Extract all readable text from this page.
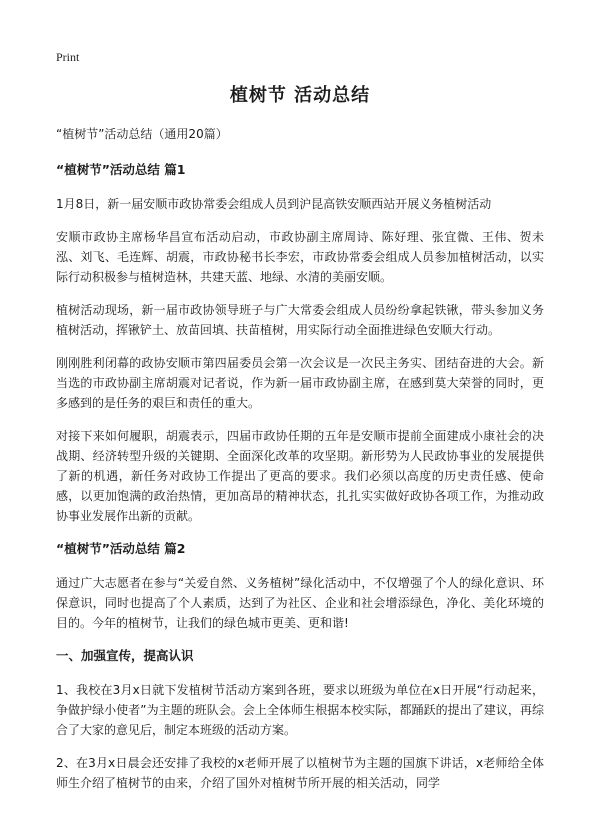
Print
植树节 活动总结

“植树节”活动总结（通用20篇）

“植树节”活动总结 篇1

1月8日，新一届安顺市政协常委会组成人员到沪昆高铁安顺西站开展义务植树活动

安顺市政协主席杨华昌宣布活动启动，市政协副主席周诗、陈好理、张宜微、王伟、贺未泓、刘飞、毛连辉、胡震，市政协秘书长李宏，市政协常委会组成人员参加植树活动，以实际行动积极参与植树造林，共建天蓝、地绿、水清的美丽安顺。

植树活动现场，新一届市政协领导班子与广大常委会组成人员纷纷拿起铁锹，带头参加义务植树活动，挥锹铲土、放苗回填、扶苗植树，用实际行动全面推进绿色安顺大行动。

刚刚胜利闭幕的政协安顺市第四届委员会第一次会议是一次民主务实、团结奋进的大会。新当选的市政协副主席胡震对记者说，作为新一届市政协副主席，在感到莫大荣誉的同时，更多感到的是任务的艰巨和责任的重大。

对接下来如何履职，胡震表示，四届市政协任期的五年是安顺市提前全面建成小康社会的决战期、经济转型升级的关键期、全面深化改革的攻坚期。新形势为人民政协事业的发展提供了新的机遇，新任务对政协工作提出了更高的要求。我们必须以高度的历史责任感、使命感，以更加饱满的政治热情，更加高昂的精神状态，扎扎实实做好政协各项工作，为推动政协事业发展作出新的贡献。

“植树节”活动总结 篇2

通过广大志愿者在参与“关爱自然、义务植树”绿化活动中，不仅增强了个人的绿化意识、环保意识，同时也提高了个人素质，达到了为社区、企业和社会增添绿色，净化、美化环境的目的。今年的植树节，让我们的绿色城市更美、更和谐!

一、加强宣传，提高认识

1、我校在3月x日就下发植树节活动方案到各班，要求以班级为单位在x日开展“行动起来，争做护绿小使者”为主题的班队会。会上全体师生根据本校实际，都踊跃的提出了建议，再综合了大家的意见后，制定本班级的活动方案。

2、在3月x日晨会还安排了我校的x老师开展了以植树节为主题的国旗下讲话，x老师给全体师生介绍了植树节的由来，介绍了国外对植树节所开展的相关活动，同学
